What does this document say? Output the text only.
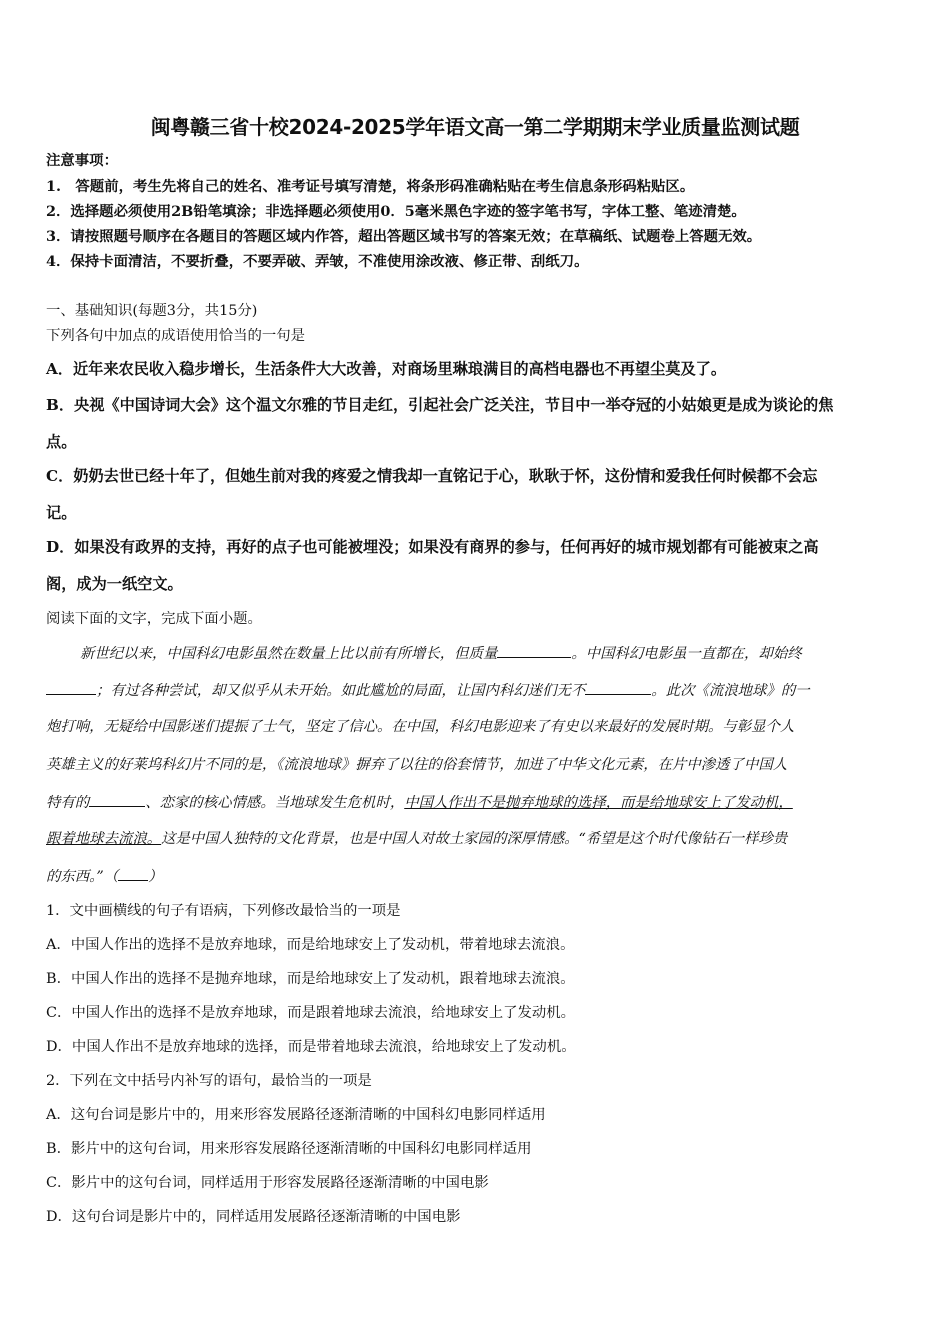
闽粤赣三省十校2024-2025学年语文高一第二学期期末学业质量监测试题
注意事项：
1.　答题前，考生先将自己的姓名、准考证号填写清楚，将条形码准确粘贴在考生信息条形码粘贴区。
2．选择题必须使用2B铅笔填涂；非选择题必须使用0．5毫米黑色字迹的签字笔书写，字体工整、笔迹清楚。
3．请按照题号顺序在各题目的答题区域内作答，超出答题区域书写的答案无效；在草稿纸、试题卷上答题无效。
4．保持卡面清洁，不要折叠，不要弄破、弄皱，不准使用涂改液、修正带、刮纸刀。
一、基础知识(每题3分，共15分)
下列各句中加点的成语使用恰当的一句是
A．近年来农民收入稳步增长，生活条件大大改善，对商场里琳琅满目的高档电器也不再望尘莫及了。
B．央视《中国诗词大会》这个温文尔雅的节目走红，引起社会广泛关注，节目中一举夺冠的小姑娘更是成为谈论的焦
点。
C．奶奶去世已经十年了，但她生前对我的疼爱之情我却一直铭记于心，耿耿于怀，这份情和爱我任何时候都不会忘
记。
D．如果没有政界的支持，再好的点子也可能被埋没；如果没有商界的参与，任何再好的城市规划都有可能被束之高
阁，成为一纸空文。
阅读下面的文字，完成下面小题。
新世纪以来，中国科幻电影虽然在数量上比以前有所增长，但质量	。中国科幻电影虽一直都在，却始终
；有过各种尝试，却又似乎从未开始。如此尴尬的局面，让国内科幻迷们无不	。此次《流浪地球》的一
炮打响，无疑给中国影迷们提振了士气，坚定了信心。在中国，科幻电影迎来了有史以来最好的发展时期。与彰显个人
英雄主义的好莱坞科幻片不同的是，《流浪地球》摒弃了以往的俗套情节，加进了中华文化元素，在片中渗透了中国人
特有的	、恋家的核心情感。当地球发生危机时，中国人作出不是抛弃地球的选择，而是给地球安上了发动机，
跟着地球去流浪。这是中国人独特的文化背景，也是中国人对故土家园的深厚情感。“希望是这个时代像钻石一样珍贵
的东西。”（ ）
1．文中画横线的句子有语病，下列修改最恰当的一项是
A．中国人作出的选择不是放弃地球，而是给地球安上了发动机，带着地球去流浪。
B．中国人作出的选择不是抛弃地球，而是给地球安上了发动机，跟着地球去流浪。
C．中国人作出的选择不是放弃地球，而是跟着地球去流浪，给地球安上了发动机。
D．中国人作出不是放弃地球的选择，而是带着地球去流浪，给地球安上了发动机。
2．下列在文中括号内补写的语句，最恰当的一项是
A．这句台词是影片中的，用来形容发展路径逐渐清晰的中国科幻电影同样适用
B．影片中的这句台词，用来形容发展路径逐渐清晰的中国科幻电影同样适用
C．影片中的这句台词，同样适用于形容发展路径逐渐清晰的中国电影
D．这句台词是影片中的，同样适用发展路径逐渐清晰的中国电影
